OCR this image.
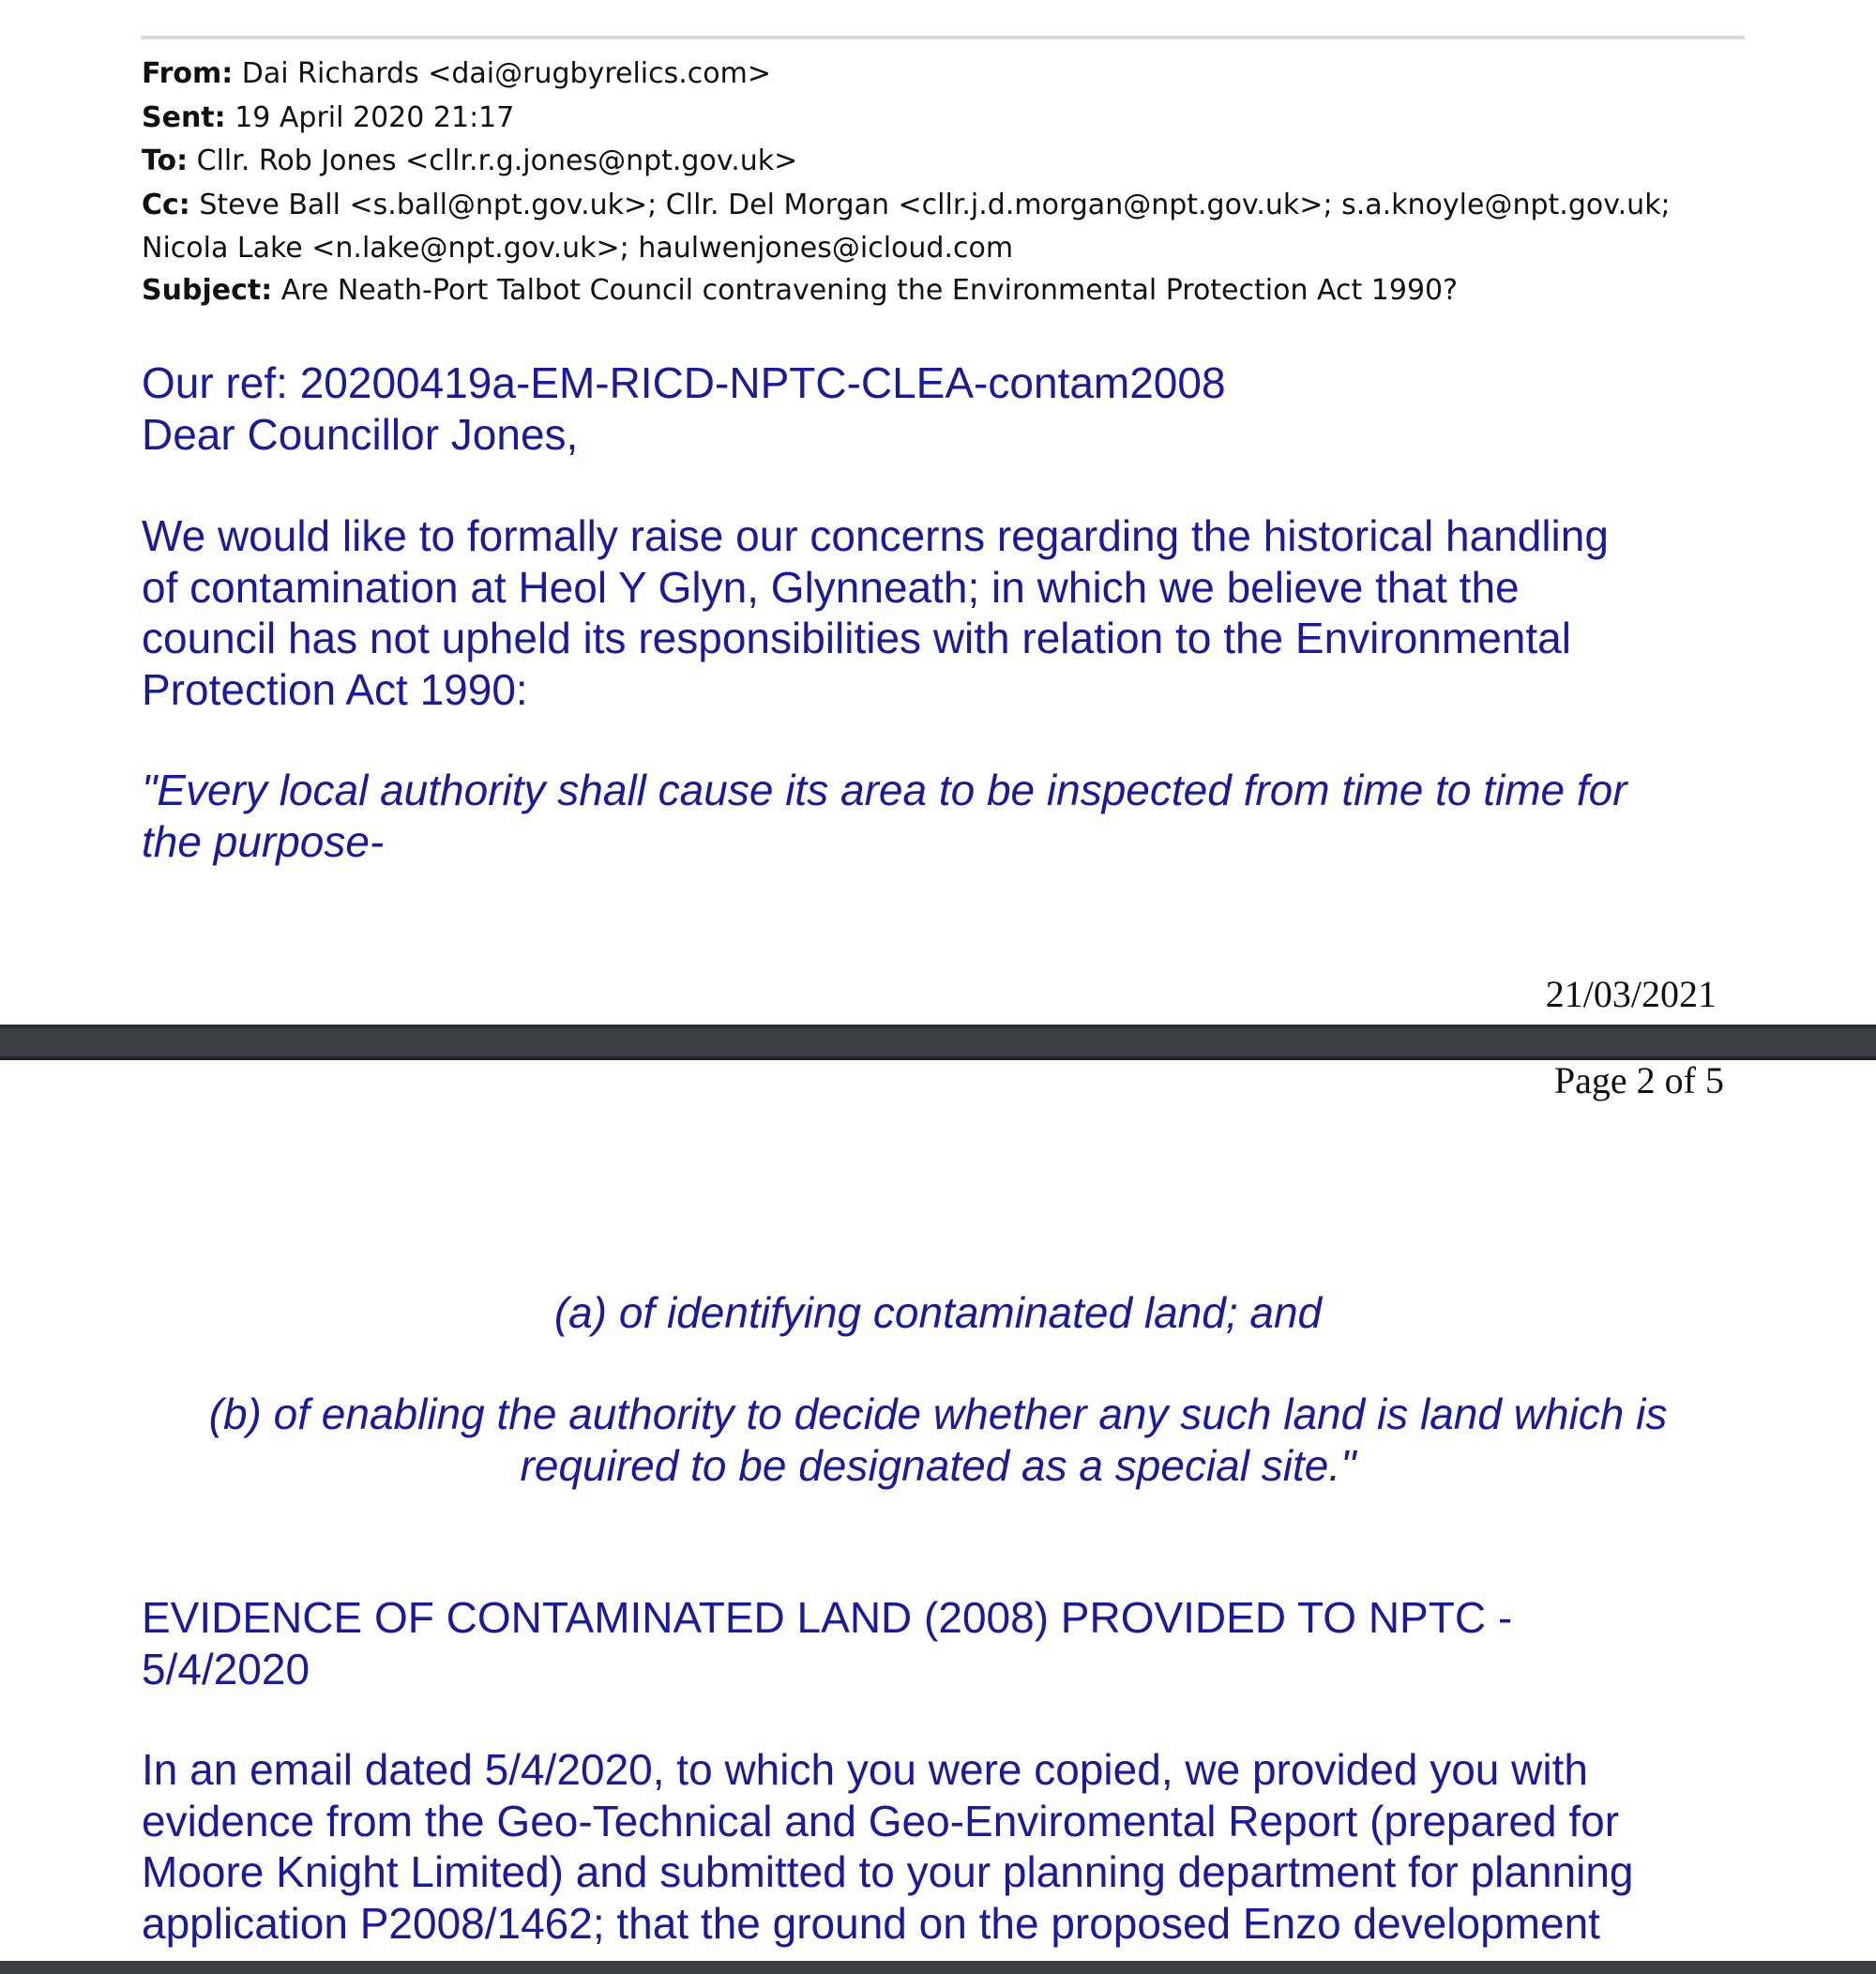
From: Dai Richards <dai@rugbyrelics.com>
Sent: 19 April 2020 21:17
To: Cllr. Rob Jones <cllr.r.g.jones@npt.gov.uk>
Cc: Steve Ball <s.ball@npt.gov.uk>; Cllr. Del Morgan <cllr.j.d.morgan@npt.gov.uk>; s.a.knoyle@npt.gov.uk;
Nicola Lake <n.lake@npt.gov.uk>; haulwenjones@icloud.com
Subject: Are Neath-Port Talbot Council contravening the Environmental Protection Act 1990?
Our ref: 20200419a-EM-RICD-NPTC-CLEA-contam2008
Dear Councillor Jones,
We would like to formally raise our concerns regarding the historical handling
of contamination at Heol Y Glyn, Glynneath; in which we believe that the
council has not upheld its responsibilities with relation to the Environmental
Protection Act 1990:
"Every local authority shall cause its area to be inspected from time to time for
the purpose-
21/03/2021
Page 2 of 5
(a) of identifying contaminated land; and
(b) of enabling the authority to decide whether any such land is land which is
required to be designated as a special site."
EVIDENCE OF CONTAMINATED LAND (2008) PROVIDED TO NPTC -
5/4/2020
In an email dated 5/4/2020, to which you were copied, we provided you with
evidence from the Geo-Technical and Geo-Enviromental Report (prepared for
Moore Knight Limited) and submitted to your planning department for planning
application P2008/1462; that the ground on the proposed Enzo development
